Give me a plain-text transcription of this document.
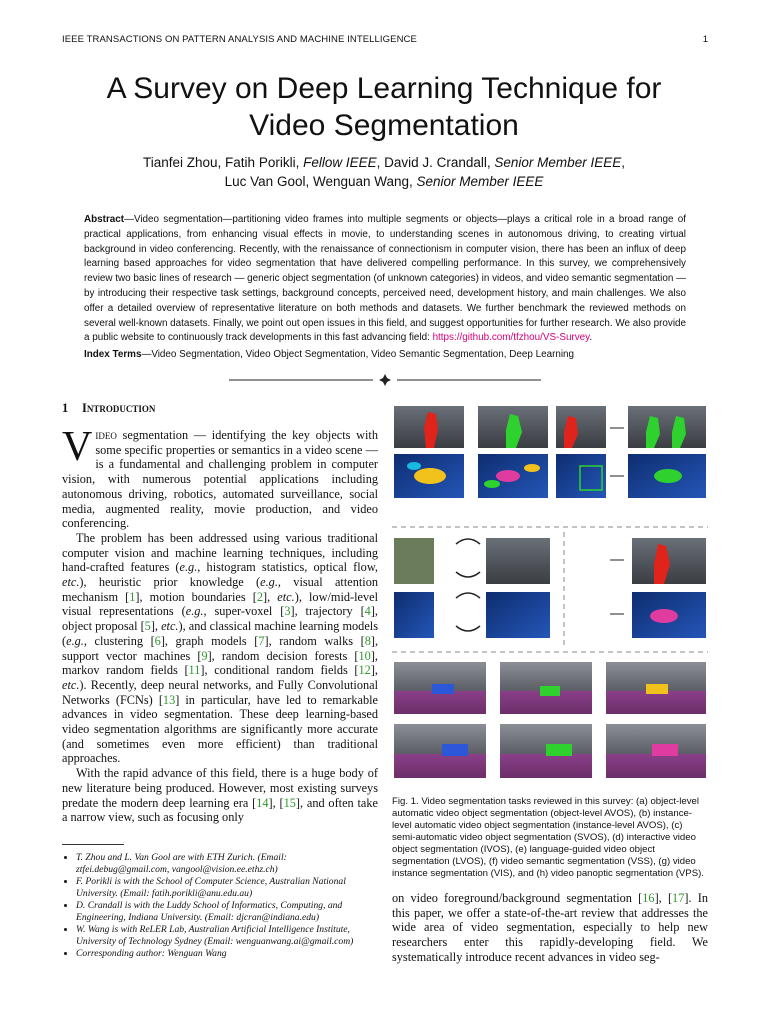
IEEE TRANSACTIONS ON PATTERN ANALYSIS AND MACHINE INTELLIGENCE	1
A Survey on Deep Learning Technique for
Video Segmentation
Tianfei Zhou, Fatih Porikli, Fellow IEEE, David J. Crandall, Senior Member IEEE,
Luc Van Gool, Wenguan Wang, Senior Member IEEE
Abstract—Video segmentation—partitioning video frames into multiple segments or objects—plays a critical role in a broad range of practical applications, from enhancing visual effects in movie, to understanding scenes in autonomous driving, to creating virtual background in video conferencing. Recently, with the renaissance of connectionism in computer vision, there has been an influx of deep learning based approaches for video segmentation that have delivered compelling performance. In this survey, we comprehensively review two basic lines of research — generic object segmentation (of unknown categories) in videos, and video semantic segmentation — by introducing their respective task settings, background concepts, perceived need, development history, and main challenges. We also offer a detailed overview of representative literature on both methods and datasets. We further benchmark the reviewed methods on several well-known datasets. Finally, we point out open issues in this field, and suggest opportunities for further research. We also provide a public website to continuously track developments in this fast advancing field: https://github.com/tfzhou/VS-Survey.
Index Terms—Video Segmentation, Video Object Segmentation, Video Semantic Segmentation, Deep Learning
1 Introduction

Video segmentation — identifying the key objects with some specific properties or semantics in a video scene — is a fundamental and challenging problem in computer vision, with numerous potential applications including autonomous driving, robotics, automated surveillance, social media, augmented reality, movie production, and video conferencing.

The problem has been addressed using various traditional computer vision and machine learning techniques, including hand-crafted features (e.g., histogram statistics, optical flow, etc.), heuristic prior knowledge (e.g., visual attention mechanism [1], motion boundaries [2], etc.), low/mid-level visual representations (e.g., super-voxel [3], trajectory [4], object proposal [5], etc.), and classical machine learning models (e.g., clustering [6], graph models [7], random walks [8], support vector machines [9], random decision forests [10], markov random fields [11], conditional random fields [12], etc.). Recently, deep neural networks, and Fully Convolutional Networks (FCNs) [13] in particular, have led to remarkable advances in video segmentation. These deep learning-based video segmentation algorithms are significantly more accurate (and sometimes even more efficient) than traditional approaches.

With the rapid advance of this field, there is a huge body of new literature being produced. However, most existing surveys predate the modern deep learning era [14], [15], and often take a narrow view, such as focusing only

• T. Zhou and L. Van Gool are with ETH Zurich. (Email: ztfei.debug@gmail.com, vangool@vision.ee.ethz.ch)
• F. Porikli is with the School of Computer Science, Australian National University. (Email: fatih.porikli@anu.edu.au)
• D. Crandall is with the Luddy School of Informatics, Computing, and Engineering, Indiana University. (Email: djcran@indiana.edu)
• W. Wang is with ReLER Lab, Australian Artificial Intelligence Institute, University of Technology Sydney (Email: wenguanwang.ai@gmail.com)
• Corresponding author: Wenguan Wang
Fig. 1. Video segmentation tasks reviewed in this survey: (a) object-level automatic video object segmentation (object-level AVOS), (b) instance-level automatic video object segmentation (instance-level AVOS), (c) semi-automatic video object segmentation (SVOS), (d) interactive video object segmentation (IVOS), (e) language-guided video object segmentation (LVOS), (f) video semantic segmentation (VSS), (g) video instance segmentation (VIS), and (h) video panoptic segmentation (VPS).
on video foreground/background segmentation [16], [17]. In this paper, we offer a state-of-the-art review that addresses the wide area of video segmentation, especially to help new researchers enter this rapidly-developing field. We systematically introduce recent advances in video seg-
